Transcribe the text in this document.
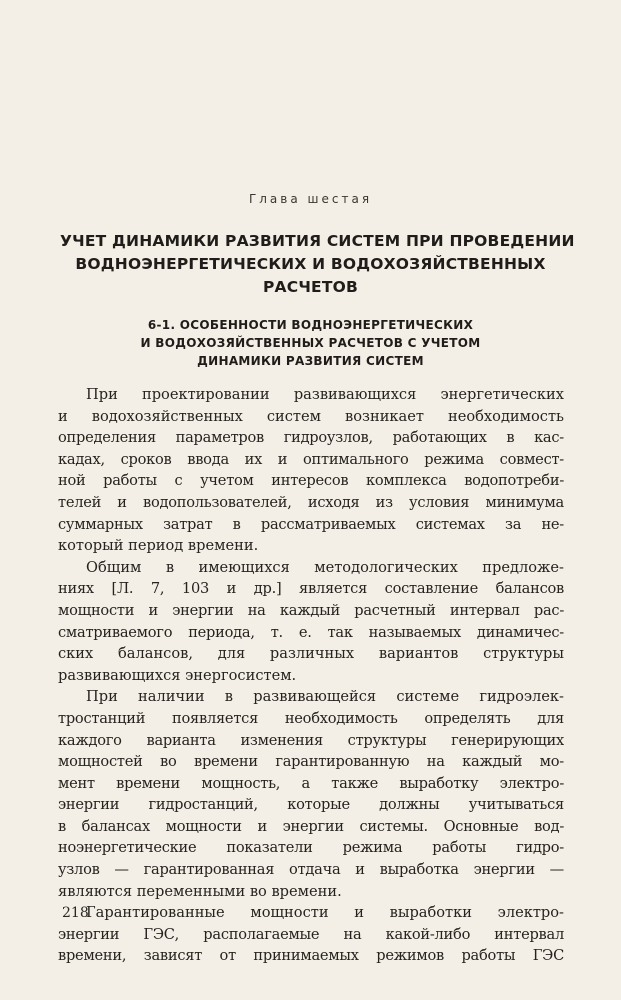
Глава шестая
УЧЕТ ДИНАМИКИ РАЗВИТИЯ СИСТЕМ ПРИ ПРОВЕДЕНИИ
ВОДНОЭНЕРГЕТИЧЕСКИХ И ВОДОХОЗЯЙСТВЕННЫХ
РАСЧЕТОВ
6-1. ОСОБЕННОСТИ ВОДНОЭНЕРГЕТИЧЕСКИХ
И ВОДОХОЗЯЙСТВЕННЫХ РАСЧЕТОВ С УЧЕТОМ
ДИНАМИКИ РАЗВИТИЯ СИСТЕМ
При проектировании развивающихся энергетических
и водохозяйственных систем возникает необходимость
определения параметров гидроузлов, работающих в кас-
кадах, сроков ввода их и оптимального режима совмест-
ной работы с учетом интересов комплекса водопотреби-
телей и водопользователей, исходя из условия минимума
суммарных затрат в рассматриваемых системах за не-
который период времени.
Общим в имеющихся методологических предложе-
ниях [Л. 7, 103 и др.] является составление балансов
мощности и энергии на каждый расчетный интервал рас-
сматриваемого периода, т. е. так называемых динамичес-
ских балансов, для различных вариантов структуры
развивающихся энергосистем.
При наличии в развивающейся системе гидроэлек-
тростанций появляется необходимость определять для
каждого варианта изменения структуры генерирующих
мощностей во времени гарантированную на каждый мо-
мент времени мощность, а также выработку электро-
энергии гидростанций, которые должны учитываться
в балансах мощности и энергии системы. Основные вод-
ноэнергетические показатели режима работы гидро-
узлов — гарантированная отдача и выработка энергии —
являются переменными во времени.
Гарантированные мощности и выработки электро-
энергии ГЭС, располагаемые на какой-либо интервал
времени, зависят от принимаемых режимов работы ГЭС
218
